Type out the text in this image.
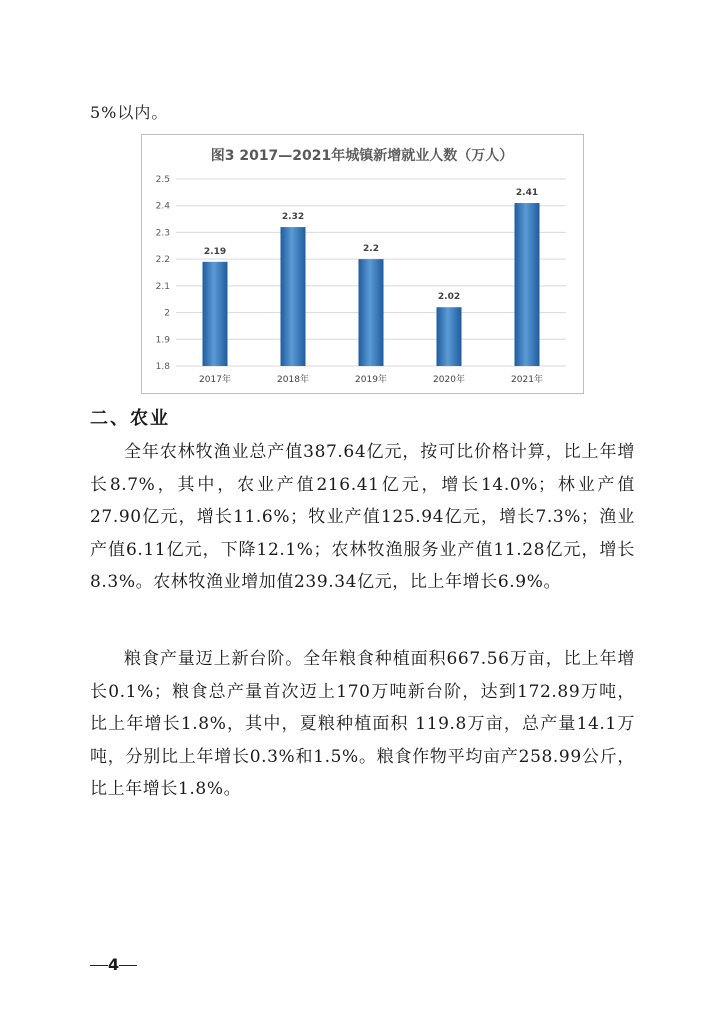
5%以内。
图3 2017—2021年城镇新增就业人数（万人）
2.5
2.4
2.3
2.2
2.1
2
1.9
1.8
2.19
2.32
2.2
2.02
2.41
2017年	2018年	2019年	2020年	2021年
二、农业

全年农林牧渔业总产值387.64亿元，按可比价格计算，比上年增长8.7%，其中，农业产值216.41亿元，增长14.0%；林业产值27.90亿元，增长11.6%；牧业产值125.94亿元，增长7.3%；渔业产值6.11亿元，下降12.1%；农林牧渔服务业产值11.28亿元，增长8.3%。农林牧渔业增加值239.34亿元，比上年增长6.9%。

粮食产量迈上新台阶。全年粮食种植面积667.56万亩，比上年增长0.1%；粮食总产量首次迈上170万吨新台阶，达到172.89万吨，比上年增长1.8%，其中，夏粮种植面积 119.8万亩，总产量14.1万吨，分别比上年增长0.3%和1.5%。粮食作物平均亩产258.99公斤，比上年增长1.8%。

4
